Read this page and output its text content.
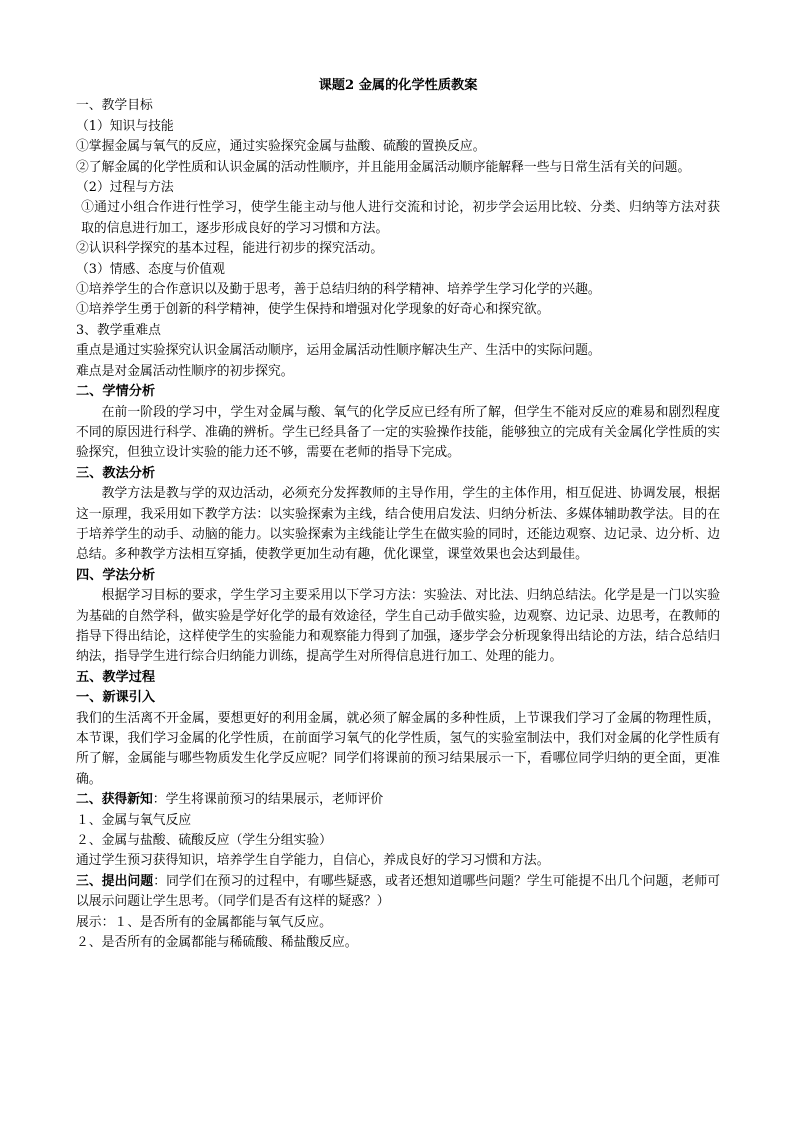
课题2 金属的化学性质教案
一、教学目标
（1）知识与技能
①掌握金属与氧气的反应，通过实验探究金属与盐酸、硫酸的置换反应。
②了解金属的化学性质和认识金属的活动性顺序，并且能用金属活动顺序能解释一些与日常生活有关的问题。
（2）过程与方法
①通过小组合作进行性学习，使学生能主动与他人进行交流和讨论，初步学会运用比较、分类、归纳等方法对获取的信息进行加工，逐步形成良好的学习习惯和方法。
②认识科学探究的基本过程，能进行初步的探究活动。
（3）情感、态度与价值观
①培养学生的合作意识以及勤于思考，善于总结归纳的科学精神、培养学生学习化学的兴趣。
①培养学生勇于创新的科学精神，使学生保持和增强对化学现象的好奇心和探究欲。
3、教学重难点
重点是通过实验探究认识金属活动顺序，运用金属活动性顺序解决生产、生活中的实际问题。
难点是对金属活动性顺序的初步探究。
二、学情分析
在前一阶段的学习中，学生对金属与酸、氧气的化学反应已经有所了解，但学生不能对反应的难易和剧烈程度不同的原因进行科学、准确的辨析。学生已经具备了一定的实验操作技能，能够独立的完成有关金属化学性质的实验探究，但独立设计实验的能力还不够，需要在老师的指导下完成。
三、教法分析
教学方法是教与学的双边活动，必须充分发挥教师的主导作用，学生的主体作用，相互促进、协调发展，根据这一原理，我采用如下教学方法：以实验探索为主线，结合使用启发法、归纳分析法、多媒体辅助教学法。目的在于培养学生的动手、动脑的能力。以实验探索为主线能让学生在做实验的同时，还能边观察、边记录、边分析、边总结。多种教学方法相互穿插，使教学更加生动有趣，优化课堂，课堂效果也会达到最佳。
四、学法分析
根据学习目标的要求，学生学习主要采用以下学习方法：实验法、对比法、归纳总结法。化学是是一门以实验为基础的自然学科，做实验是学好化学的最有效途径，学生自己动手做实验，边观察、边记录、边思考，在教师的指导下得出结论，这样使学生的实验能力和观察能力得到了加强，逐步学会分析现象得出结论的方法，结合总结归纳法，指导学生进行综合归纳能力训练，提高学生对所得信息进行加工、处理的能力。
五、教学过程
一、新课引入
我们的生活离不开金属，要想更好的利用金属，就必须了解金属的多种性质，上节课我们学习了金属的物理性质，本节课，我们学习金属的化学性质，在前面学习氧气的化学性质，氢气的实验室制法中，我们对金属的化学性质有所了解，金属能与哪些物质发生化学反应呢？同学们将课前的预习结果展示一下，看哪位同学归纳的更全面，更准确。
二、获得新知：学生将课前预习的结果展示，老师评价
１、金属与氧气反应
２、金属与盐酸、硫酸反应（学生分组实验）
通过学生预习获得知识，培养学生自学能力，自信心，养成良好的学习习惯和方法。
三、提出问题：同学们在预习的过程中，有哪些疑惑，或者还想知道哪些问题？学生可能提不出几个问题，老师可以展示问题让学生思考。（同学们是否有这样的疑惑？）
展示：１、是否所有的金属都能与氧气反应。
２、是否所有的金属都能与稀硫酸、稀盐酸反应。
